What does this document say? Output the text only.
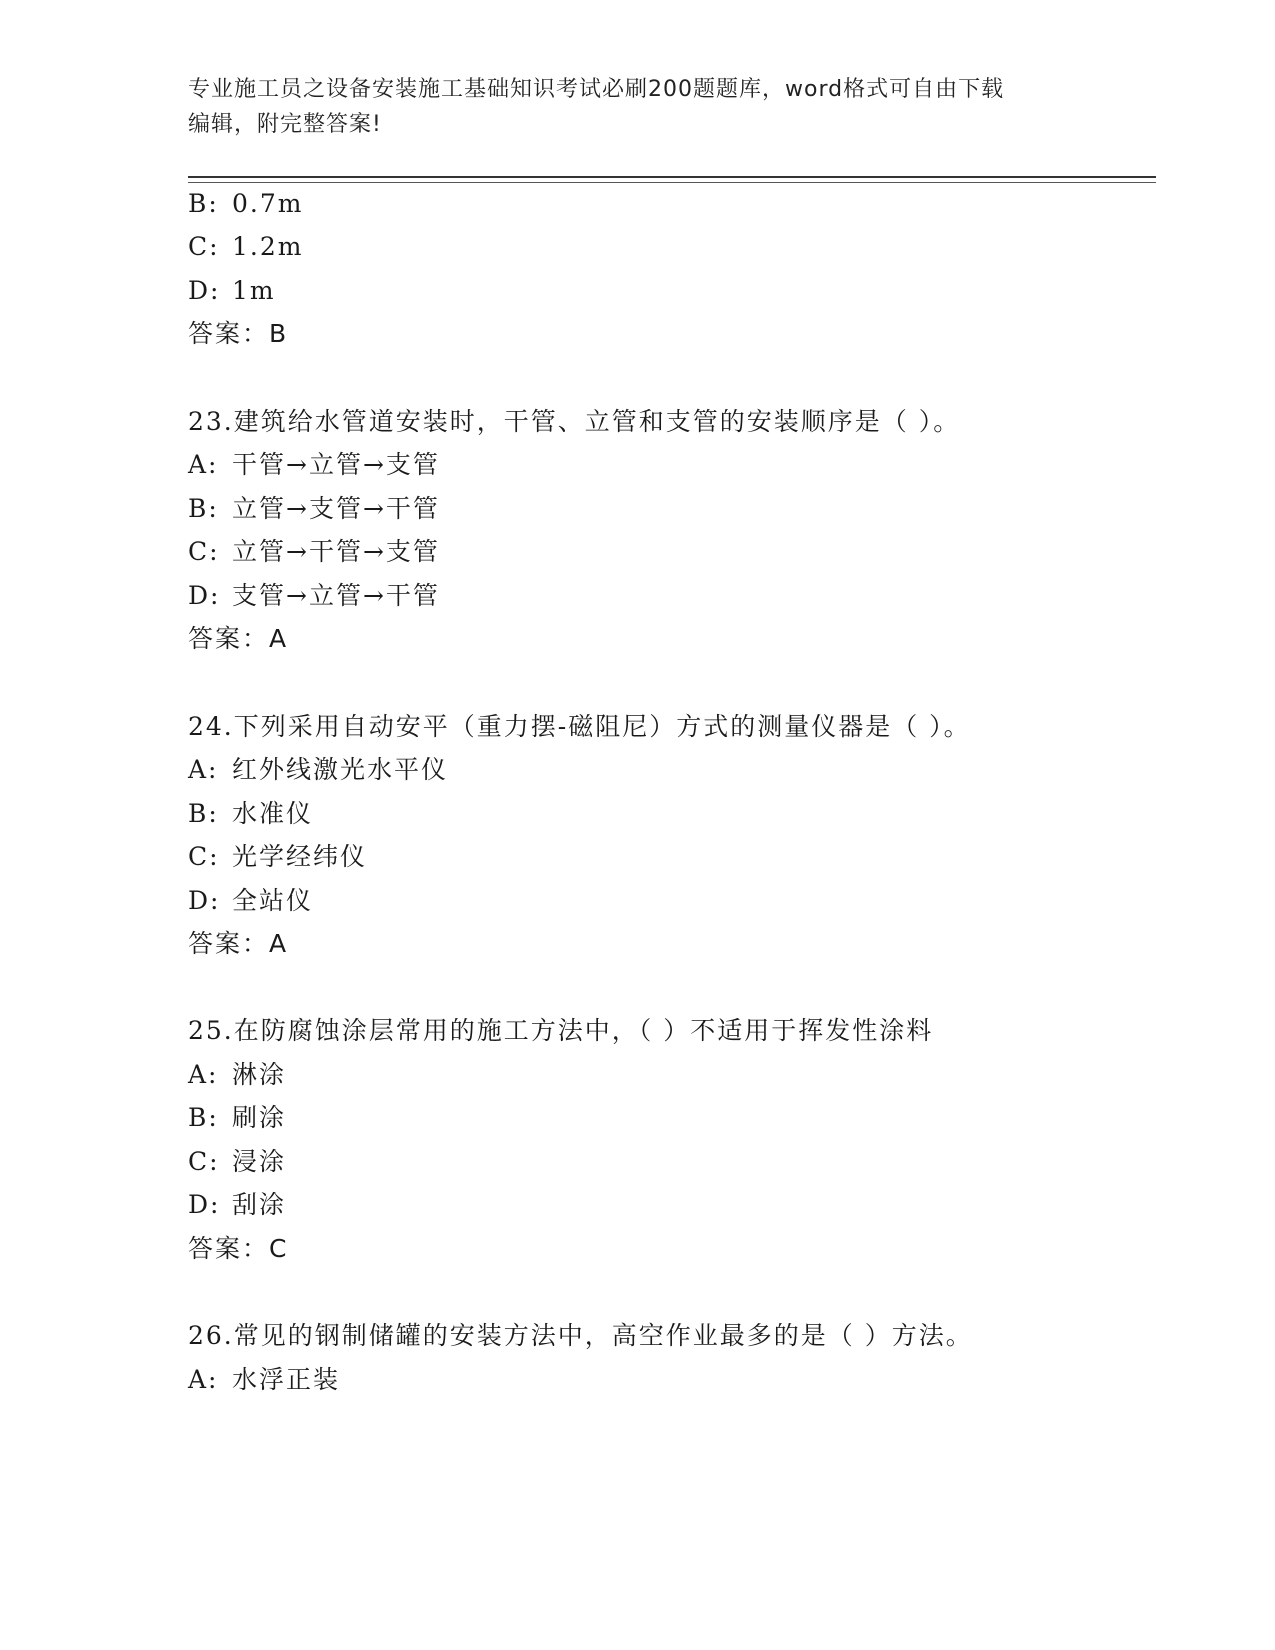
专业施工员之设备安装施工基础知识考试必刷200题题库，word格式可自由下载
编辑，附完整答案!
B: 0.7m
C: 1.2m
D: 1m
答案：B
23.建筑给水管道安装时，干管、立管和支管的安装顺序是（ ）。
A: 干管→立管→支管
B: 立管→支管→干管
C: 立管→干管→支管
D: 支管→立管→干管
答案：A
24.下列采用自动安平（重力摆-磁阻尼）方式的测量仪器是（ ）。
A: 红外线激光水平仪
B: 水准仪
C: 光学经纬仪
D: 全站仪
答案：A
25.在防腐蚀涂层常用的施工方法中，（ ）不适用于挥发性涂料
A: 淋涂
B: 刷涂
C: 浸涂
D: 刮涂
答案：C
26.常见的钢制储罐的安装方法中，高空作业最多的是（ ）方法。
A: 水浮正装
